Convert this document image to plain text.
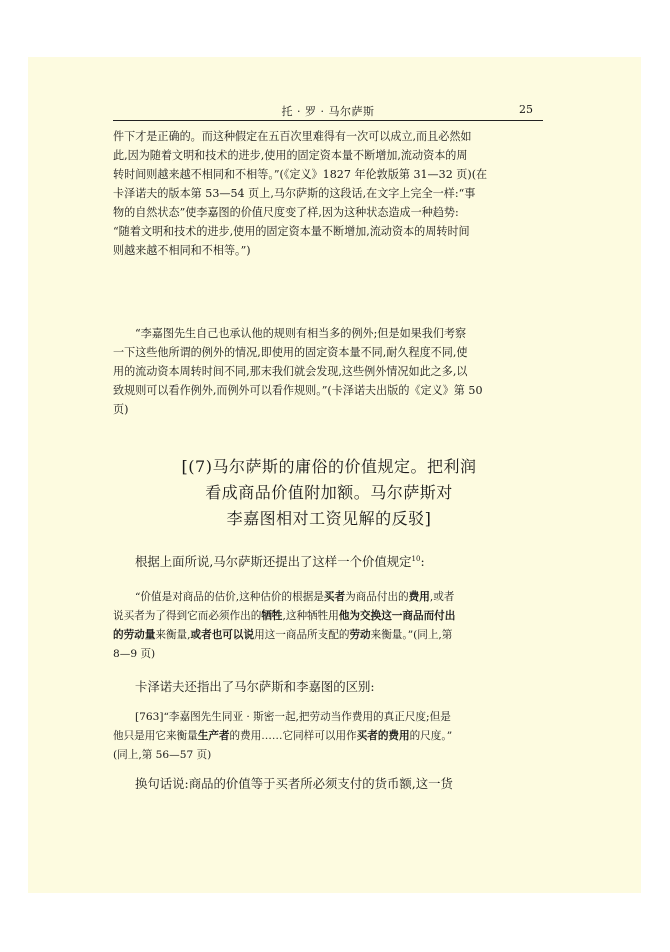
托 · 罗 · 马尔萨斯	25

件下才是正确的。而这种假定在五百次里难得有一次可以成立,而且必然如

此,因为随着文明和技术的进步,使用的固定资本量不断增加,流动资本的周

转时间则越来越不相同和不相等。”(《定义》1827 年伦敦版第 31—32 页)(在

卡泽诺夫的版本第 53—54 页上,马尔萨斯的这段话,在文字上完全一样:“事

物的自然状态”使李嘉图的价值尺度变了样,因为这种状态造成一种趋势:

“随着文明和技术的进步,使用的固定资本量不断增加,流动资本的周转时间

则越来越不相同和不相等。”)

“李嘉图先生自己也承认他的规则有相当多的例外;但是如果我们考察

一下这些他所谓的例外的情况,即使用的固定资本量不同,耐久程度不同,使

用的流动资本周转时间不同,那末我们就会发现,这些例外情况如此之多,以

致规则可以看作例外,而例外可以看作规则。”(卡泽诺夫出版的《定义》第 50

页)

[(7)马尔萨斯的庸俗的价值规定。把利润
看成商品价值附加额。马尔萨斯对
李嘉图相对工资见解的反驳]

根据上面所说,马尔萨斯还提出了这样一个价值规定$^{10}$:

“价值是对商品的估价,这种估价的根据是买者为商品付出的费用,或者

说买者为了得到它而必须作出的牺牲,这种牺牲用他为交换这一商品而付出

的劳动量来衡量,或者也可以说用这一商品所支配的劳动来衡量。”(同上,第

8—9 页)

卡泽诺夫还指出了马尔萨斯和李嘉图的区别:

[763]“李嘉图先生同亚 · 斯密一起,把劳动当作费用的真正尺度;但是

他只是用它来衡量生产者的费用……它同样可以用作买者的费用的尺度。”

(同上,第 56—57 页)

换句话说:商品的价值等于买者所必须支付的货币额,这一货
